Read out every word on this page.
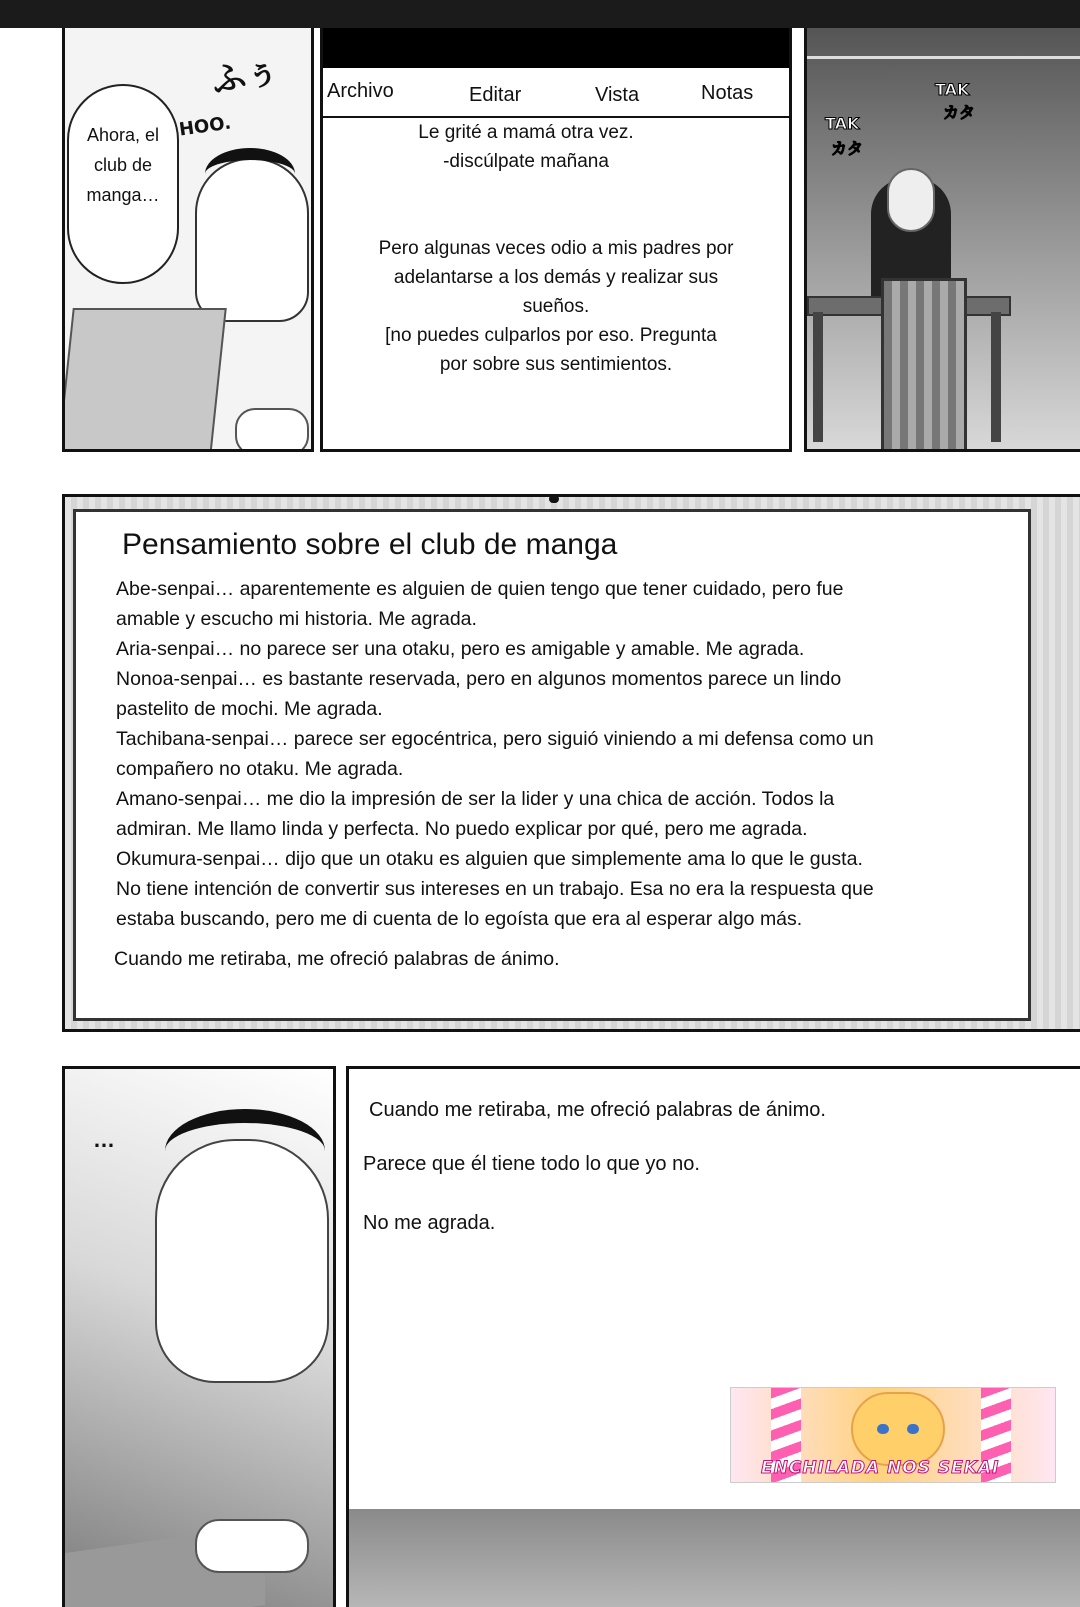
ふぅ
HOO.
Ahora, el
club de
manga…
Archivo	Editar	Vista	Notas
Le grité a mamá otra vez.
-discúlpate mañana
Pero algunas veces odio a mis padres por
adelantarse a los demás y realizar sus
sueños.
[no puedes culparlos por eso. Pregunta
por sobre sus sentimientos.
TAK
カタ
TAK
カタ
Pensamiento sobre el club de manga
Abe-senpai… aparentemente es alguien de quien tengo que tener cuidado, pero fue
amable y escucho mi historia. Me agrada.
Aria-senpai… no parece ser una otaku, pero es amigable y amable. Me agrada.
Nonoa-senpai… es bastante reservada, pero en algunos momentos parece un lindo
pastelito de mochi. Me agrada.
Tachibana-senpai… parece ser egocéntrica, pero siguió viniendo a mi defensa como un
compañero no otaku. Me agrada.
Amano-senpai… me dio la impresión de ser la lider y una chica de acción. Todos la
admiran. Me llamo linda y perfecta. No puedo explicar por qué, pero me agrada.
Okumura-senpai… dijo que un otaku es alguien que simplemente ama lo que le gusta.
No tiene intención de convertir sus intereses en un trabajo. Esa no era la respuesta que
estaba buscando, pero me di cuenta de lo egoísta que era al esperar algo más.
Cuando me retiraba, me ofreció palabras de ánimo.
…
Cuando me retiraba, me ofreció palabras de ánimo.
Parece que él tiene todo lo que yo no.
No me agrada.
ENCHILADA NOS SEKAI
